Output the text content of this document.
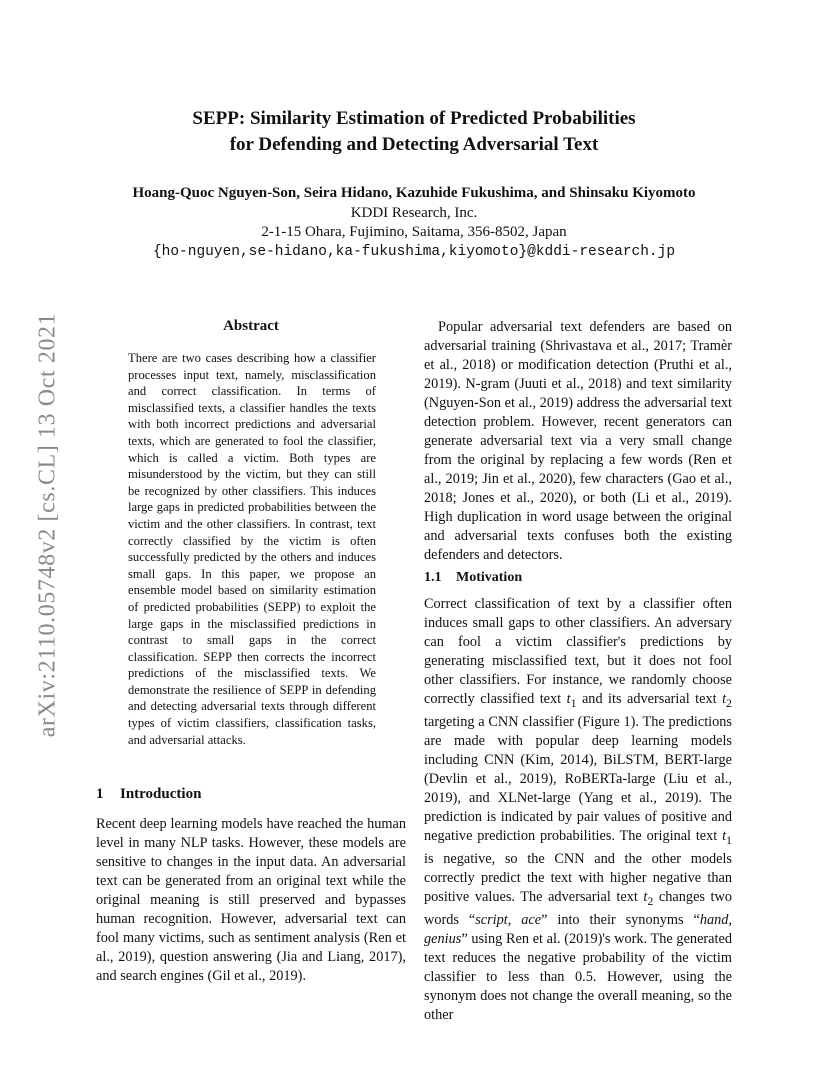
arXiv:2110.05748v2 [cs.CL] 13 Oct 2021
SEPP: Similarity Estimation of Predicted Probabilities
for Defending and Detecting Adversarial Text
Hoang-Quoc Nguyen-Son, Seira Hidano, Kazuhide Fukushima, and Shinsaku Kiyomoto
KDDI Research, Inc.
2-1-15 Ohara, Fujimino, Saitama, 356-8502, Japan
{ho-nguyen,se-hidano,ka-fukushima,kiyomoto}@kddi-research.jp
Abstract
There are two cases describing how a classifier processes input text, namely, misclassification and correct classification. In terms of misclassified texts, a classifier handles the texts with both incorrect predictions and adversarial texts, which are generated to fool the classifier, which is called a victim. Both types are misunderstood by the victim, but they can still be recognized by other classifiers. This induces large gaps in predicted probabilities between the victim and the other classifiers. In contrast, text correctly classified by the victim is often successfully predicted by the others and induces small gaps. In this paper, we propose an ensemble model based on similarity estimation of predicted probabilities (SEPP) to exploit the large gaps in the misclassified predictions in contrast to small gaps in the correct classification. SEPP then corrects the incorrect predictions of the misclassified texts. We demonstrate the resilience of SEPP in defending and detecting adversarial texts through different types of victim classifiers, classification tasks, and adversarial attacks.
1 Introduction
Recent deep learning models have reached the human level in many NLP tasks. However, these models are sensitive to changes in the input data. An adversarial text can be generated from an original text while the original meaning is still preserved and bypasses human recognition. However, adversarial text can fool many victims, such as sentiment analysis (Ren et al., 2019), question answering (Jia and Liang, 2017), and search engines (Gil et al., 2019).
Popular adversarial text defenders are based on adversarial training (Shrivastava et al., 2017; Tramèr et al., 2018) or modification detection (Pruthi et al., 2019). N-gram (Juuti et al., 2018) and text similarity (Nguyen-Son et al., 2019) address the adversarial text detection problem. However, recent generators can generate adversarial text via a very small change from the original by replacing a few words (Ren et al., 2019; Jin et al., 2020), few characters (Gao et al., 2018; Jones et al., 2020), or both (Li et al., 2019). High duplication in word usage between the original and adversarial texts confuses both the existing defenders and detectors.
1.1 Motivation
Correct classification of text by a classifier often induces small gaps to other classifiers. An adversary can fool a victim classifier's predictions by generating misclassified text, but it does not fool other classifiers. For instance, we randomly choose correctly classified text $t_1$ and its adversarial text $t_2$ targeting a CNN classifier (Figure 1). The predictions are made with popular deep learning models including CNN (Kim, 2014), BiLSTM, BERT-large (Devlin et al., 2019), RoBERTa-large (Liu et al., 2019), and XLNet-large (Yang et al., 2019). The prediction is indicated by pair values of positive and negative prediction probabilities. The original text $t_1$ is negative, so the CNN and the other models correctly predict the text with higher negative than positive values. The adversarial text $t_2$ changes two words “script, ace” into their synonyms “hand, genius” using Ren et al. (2019)'s work. The generated text reduces the negative probability of the victim classifier to less than 0.5. However, using the synonym does not change the overall meaning, so the other
